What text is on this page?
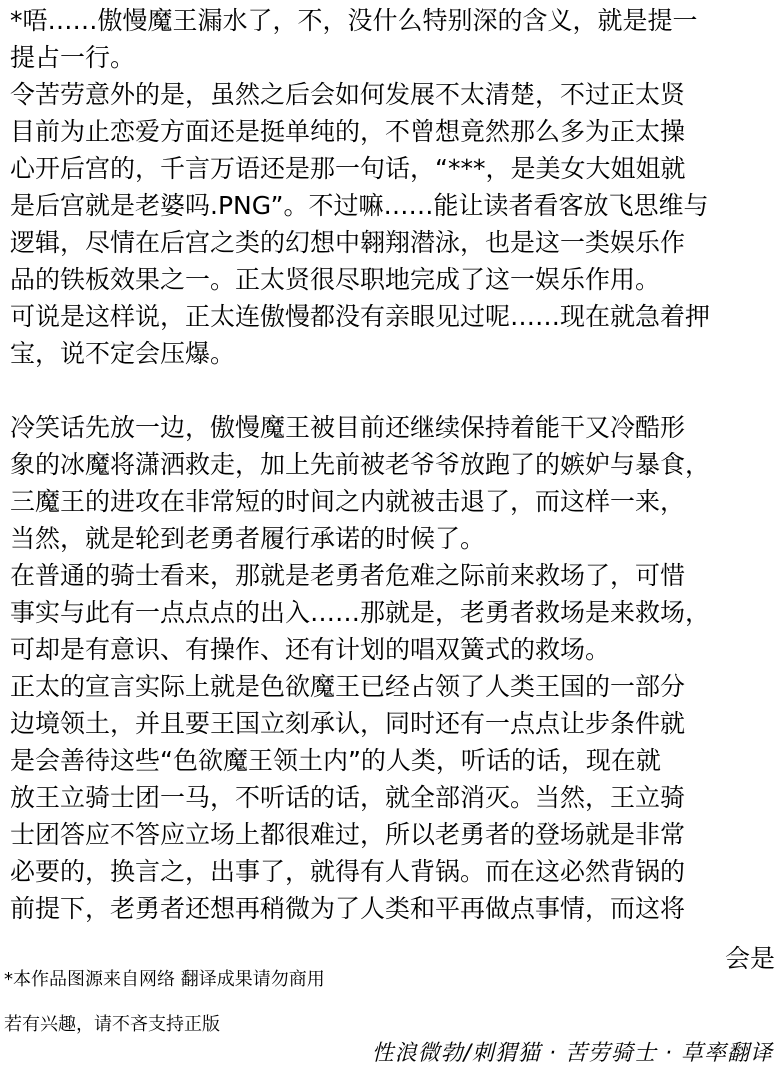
*唔……傲慢魔王漏水了，不，没什么特别深的含义，就是提一
提占一行。
令苦劳意外的是，虽然之后会如何发展不太清楚，不过正太贤
目前为止恋爱方面还是挺单纯的，不曾想竟然那么多为正太操
心开后宫的，千言万语还是那一句话，“***，是美女大姐姐就
是后宫就是老婆吗.PNG”。不过嘛……能让读者看客放飞思维与
逻辑，尽情在后宫之类的幻想中翱翔潜泳，也是这一类娱乐作
品的铁板效果之一。正太贤很尽职地完成了这一娱乐作用。
可说是这样说，正太连傲慢都没有亲眼见过呢……现在就急着押
宝，说不定会压爆。
冷笑话先放一边，傲慢魔王被目前还继续保持着能干又冷酷形
象的冰魔将潇洒救走，加上先前被老爷爷放跑了的嫉妒与暴食，
三魔王的进攻在非常短的时间之内就被击退了，而这样一来，
当然，就是轮到老勇者履行承诺的时候了。
在普通的骑士看来，那就是老勇者危难之际前来救场了，可惜
事实与此有一点点点的出入……那就是，老勇者救场是来救场，
可却是有意识、有操作、还有计划的唱双簧式的救场。
正太的宣言实际上就是色欲魔王已经占领了人类王国的一部分
边境领土，并且要王国立刻承认，同时还有一点点让步条件就
是会善待这些“色欲魔王领土内”的人类，听话的话，现在就
放王立骑士团一马，不听话的话，就全部消灭。当然，王立骑
士团答应不答应立场上都很难过，所以老勇者的登场就是非常
必要的，换言之，出事了，就得有人背锅。而在这必然背锅的
前提下，老勇者还想再稍微为了人类和平再做点事情，而这将
会是
*本作品图源来自网络 翻译成果请勿商用
若有兴趣，请不吝支持正版
性浪微勃/刺猬猫 · 苦劳骑士 · 草率翻译
